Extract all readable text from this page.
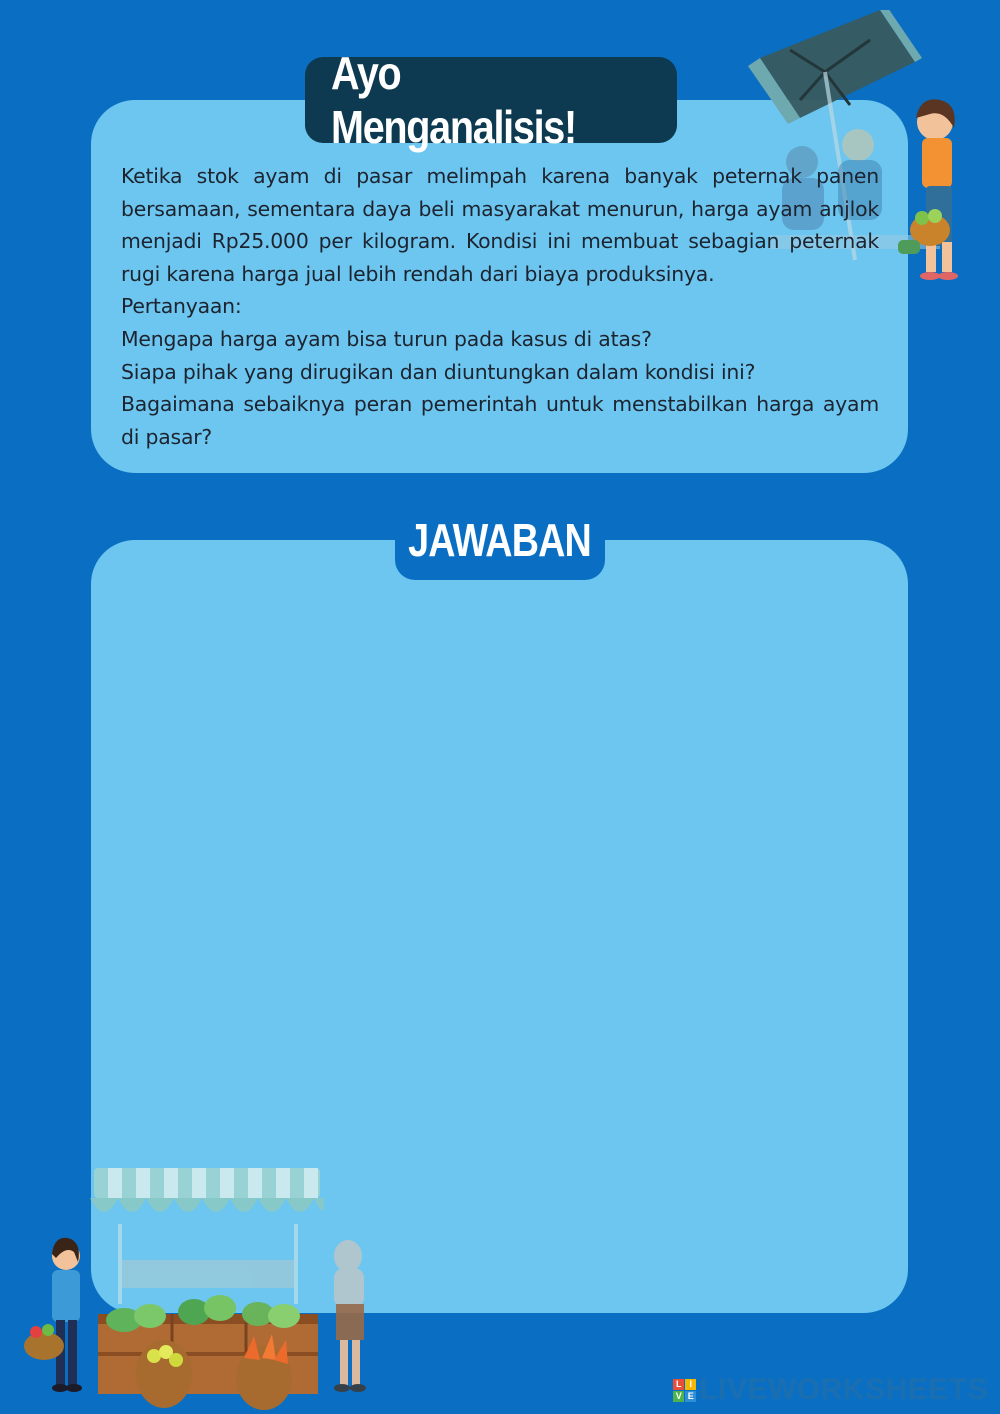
Ayo Menganalisis!

Ketika stok ayam di pasar melimpah karena banyak peternak panen bersamaan, sementara daya beli masyarakat menurun, harga ayam anjlok menjadi Rp25.000 per kilogram. Kondisi ini membuat sebagian peternak rugi karena harga jual lebih rendah dari biaya produksinya.

Pertanyaan:

Mengapa harga ayam bisa turun pada kasus di atas?

Siapa pihak yang dirugikan dan diuntungkan dalam kondisi ini?

Bagaimana sebaiknya peran pemerintah untuk menstabilkan harga ayam di pasar?

JAWABAN
L I
V E LIVEWORKSHEETS
